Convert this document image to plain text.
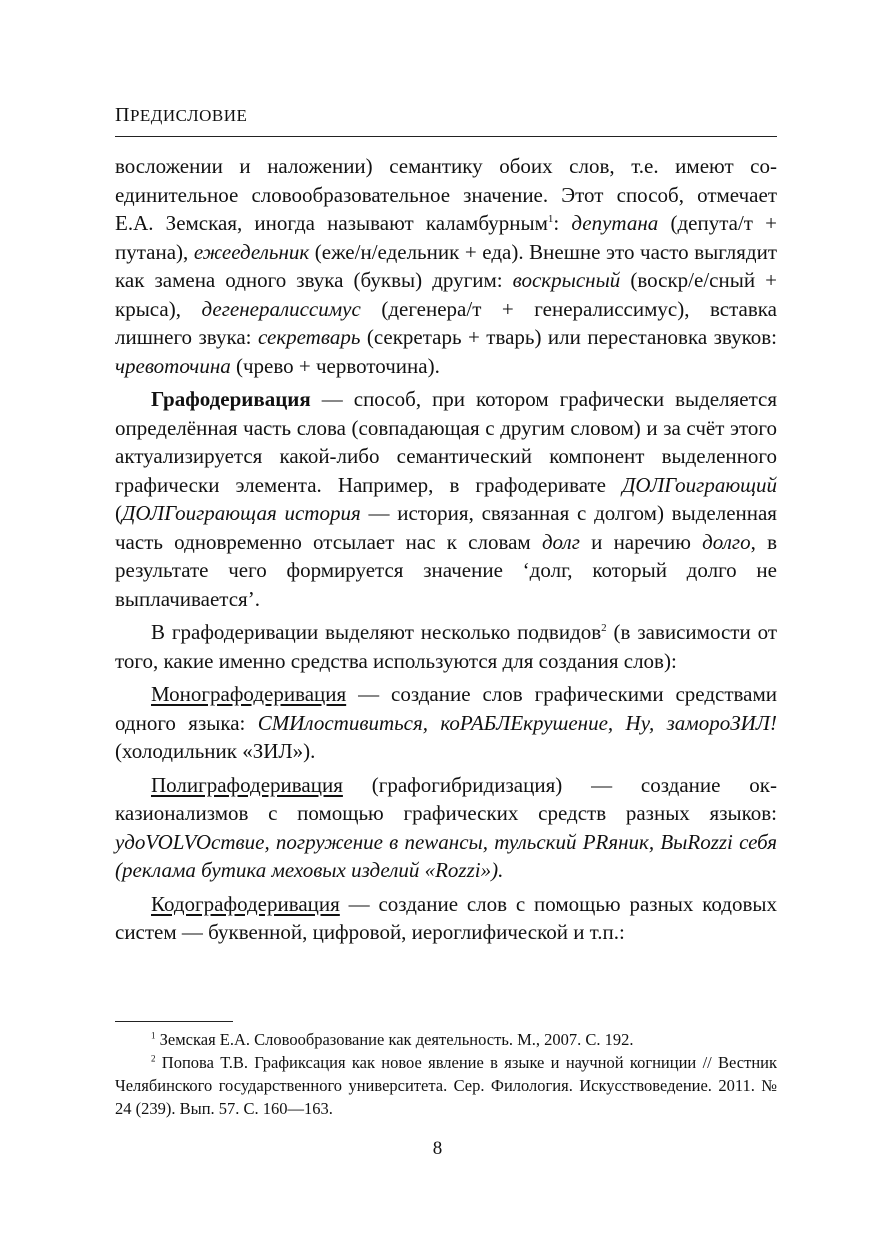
ПРЕДИСЛОВИЕ

восложении и наложении) семантику обоих слов, т.е. имеют соединительное словообразовательное значение. Этот способ, отмечает Е.А. Земская, иногда называют каламбурным$^1$: депутана (депута/т + путана), ежеедельник (еже/н/едельник + еда). Внешне это часто выглядит как замена одного звука (буквы) другим: воскрысный (воскр/е/сный + крыса), дегенералиссимус (дегенера/т + генералиссимус), вставка лишнего звука: секретварь (секретарь + тварь) или перестановка звуков: чревоточина (чрево + червоточина).

Графодеривация — способ, при котором графически выделяется определённая часть слова (совпадающая с другим словом) и за счёт этого актуализируется какой-либо семантический компонент выделенного графически элемента. Например, в графодеривате ДОЛГоиграющий (ДОЛГоиграющая история — история, связанная с долгом) выделенная часть одновременно отсылает нас к словам долг и наречию долго, в результате чего формируется значение ‘долг, который долго не выплачивается’.

В графодеривации выделяют несколько подвидов$^2$ (в зависимости от того, какие именно средства используются для создания слов):

Монографодеривация — создание слов графическими средствами одного языка: СМИлостивиться, коРАБЛЕкрушение, Ну, замороЗИЛ! (холодильник «ЗИЛ»).

Полиграфодеривация (графогибридизация) — создание окказионализмов с помощью графических средств разных языков: удоVOLVOствие, погружение в newансы, тульский PRяник, ВыRozzi себя (реклама бутика меховых изделий «Rozzi»).

Кодографодеривация — создание слов с помощью разных кодовых систем — буквенной, цифровой, иероглифической и т.п.:

$^1$ Земская Е.А. Словообразование как деятельность. М., 2007. С. 192.

$^2$ Попова Т.В. Графиксация как новое явление в языке и научной когниции // Вестник Челябинского государственного университета. Сер. Филология. Искусствоведение. 2011. № 24 (239). Вып. 57. С. 160—163.

8
